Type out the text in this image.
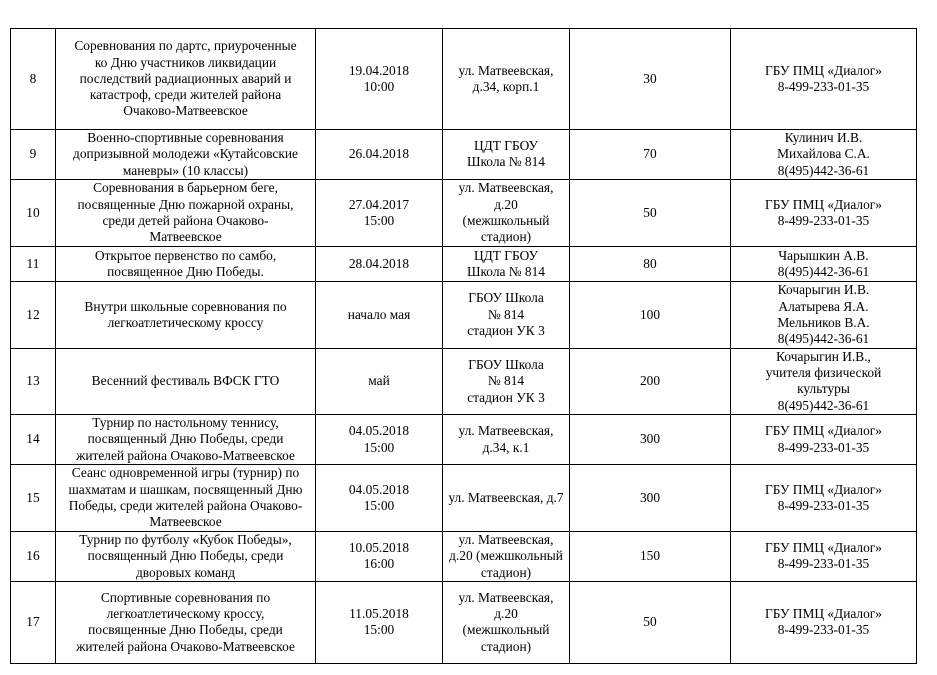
8	Соревнования по дартс, приуроченные
ко Дню участников ликвидации
последствий радиационных аварий и
катастроф, среди жителей района
Очаково-Матвеевское	19.04.2018
10:00	ул. Матвеевская,
д.34, корп.1	30	ГБУ ПМЦ «Диалог»
8-499-233-01-35
9	Военно-спортивные соревнования
допризывной молодежи «Кутайсовские
маневры» (10 классы)	26.04.2018	ЦДТ ГБОУ
Школа № 814	70	Кулинич И.В.
Михайлова С.А.
8(495)442-36-61
10	Соревнования в барьерном беге,
посвященные Дню пожарной охраны,
среди детей района Очаково-
Матвеевское	27.04.2017
15:00	ул. Матвеевская,
д.20
(межшкольный
стадион)	50	ГБУ ПМЦ «Диалог»
8-499-233-01-35
11	Открытое первенство по самбо,
посвященное Дню Победы.	28.04.2018	ЦДТ ГБОУ
Школа № 814	80	Чарышкин А.В.
8(495)442-36-61
12	Внутри школьные соревнования по
легкоатлетическому кроссу	начало мая	ГБОУ Школа
№ 814
стадион УК 3	100	Кочарыгин И.В.
Алатырева Я.А.
Мельников В.А.
8(495)442-36-61
13	Весенний фестиваль ВФСК ГТО	май	ГБОУ Школа
№ 814
стадион УК 3	200	Кочарыгин И.В.,
учителя физической
культуры
8(495)442-36-61
14	Турнир по настольному теннису,
посвященный Дню Победы, среди
жителей района Очаково-Матвеевское	04.05.2018
15:00	ул. Матвеевская,
д.34, к.1	300	ГБУ ПМЦ «Диалог»
8-499-233-01-35
15	Сеанс одновременной игры (турнир) по
шахматам и шашкам, посвященный Дню
Победы, среди жителей района Очаково-
Матвеевское	04.05.2018
15:00	ул. Матвеевская, д.7	300	ГБУ ПМЦ «Диалог»
8-499-233-01-35
16	Турнир по футболу «Кубок Победы»,
посвященный Дню Победы, среди
дворовых команд	10.05.2018
16:00	ул. Матвеевская,
д.20 (межшкольный
стадион)	150	ГБУ ПМЦ «Диалог»
8-499-233-01-35
17	Спортивные соревнования по
легкоатлетическому кроссу,
посвященные Дню Победы, среди
жителей района Очаково-Матвеевское	11.05.2018
15:00	ул. Матвеевская,
д.20
(межшкольный
стадион)	50	ГБУ ПМЦ «Диалог»
8-499-233-01-35
